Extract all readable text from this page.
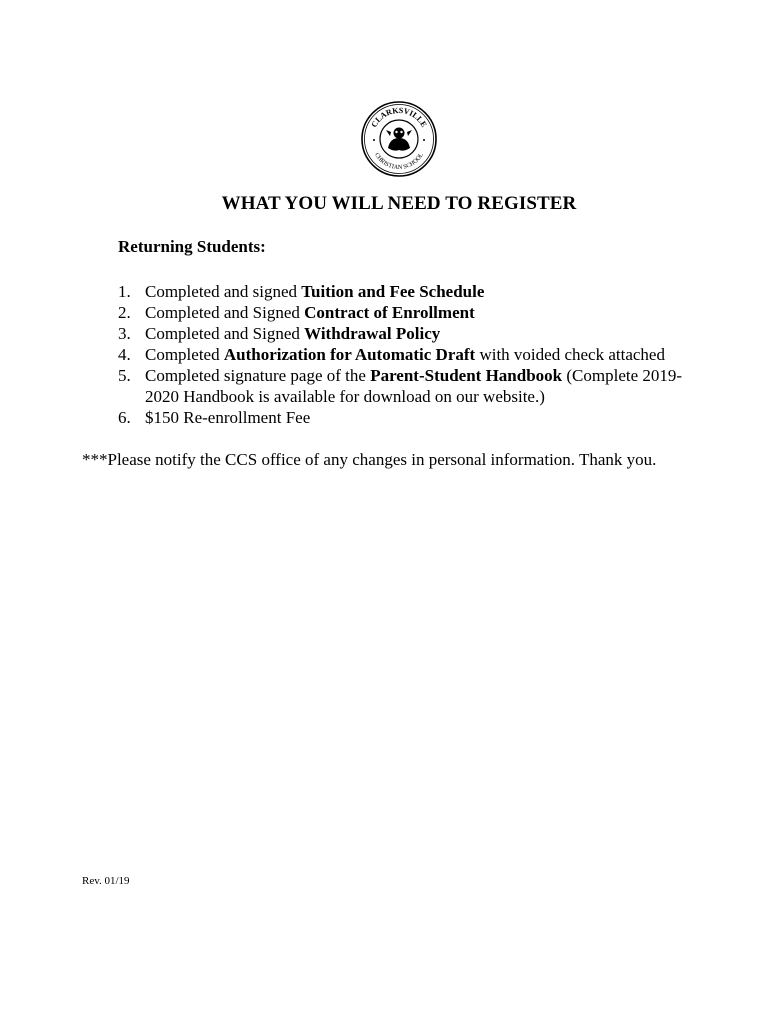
CLARKSVILLE
CHRISTIAN SCHOOL
WHAT YOU WILL NEED TO REGISTER
Returning Students:
1. Completed and signed Tuition and Fee Schedule
2. Completed and Signed Contract of Enrollment
3. Completed and Signed Withdrawal Policy
4. Completed Authorization for Automatic Draft with voided check attached
5. Completed signature page of the Parent-Student Handbook (Complete 2019-
2020 Handbook is available for download on our website.)
6. $150 Re-enrollment Fee
***Please notify the CCS office of any changes in personal information. Thank you.
Rev. 01/19
